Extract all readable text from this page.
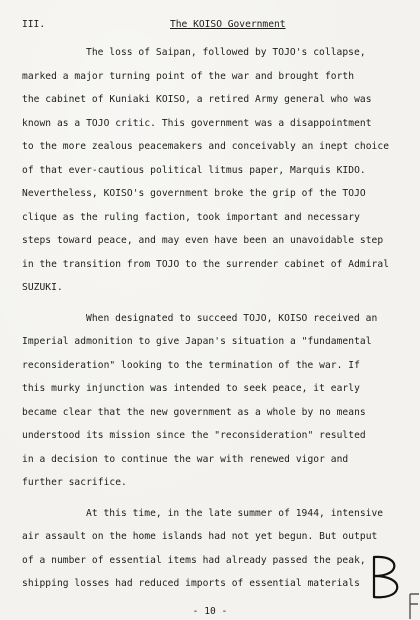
III.	The KOISO Government

The loss of Saipan, followed by TOJO's collapse,
marked a major turning point of the war and brought forth
the cabinet of Kuniaki KOISO, a retired Army general who was
known as a TOJO critic. This government was a disappointment
to the more zealous peacemakers and conceivably an inept choice
of that ever-cautious political litmus paper, Marquis KIDO.
Nevertheless, KOISO's government broke the grip of the TOJO
clique as the ruling faction, took important and necessary
steps toward peace, and may even have been an unavoidable step
in the transition from TOJO to the surrender cabinet of Admiral
SUZUKI.

When designated to succeed TOJO, KOISO received an
Imperial admonition to give Japan's situation a "fundamental
reconsideration" looking to the termination of the war. If
this murky injunction was intended to seek peace, it early
became clear that the new government as a whole by no means
understood its mission since the "reconsideration" resulted
in a decision to continue the war with renewed vigor and
further sacrifice.

At this time, in the late summer of 1944, intensive
air assault on the home islands had not yet begun. But output
of a number of essential items had already passed the peak,
shipping losses had reduced imports of essential materials

- 10 -
